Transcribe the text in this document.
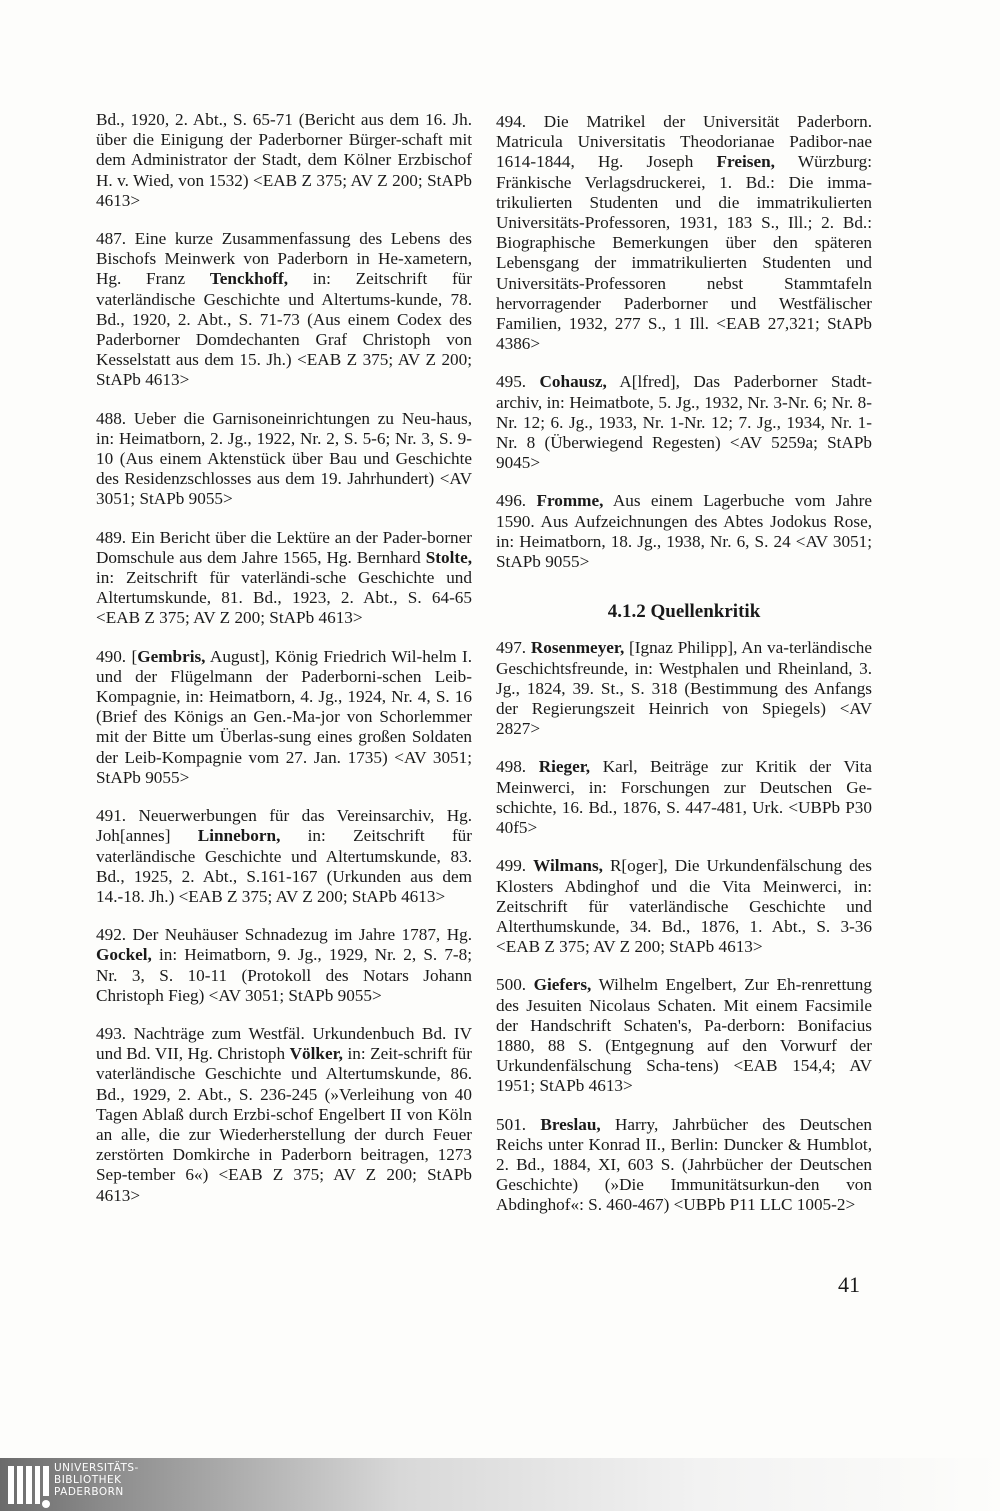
Bd., 1920, 2. Abt., S. 65-71 (Bericht aus dem 16. Jh. über die Einigung der Paderborner Bürger-schaft mit dem Administrator der Stadt, dem Kölner Erzbischof H. v. Wied, von 1532) <EAB Z 375; AV Z 200; StAPb 4613>

487. Eine kurze Zusammenfassung des Lebens des Bischofs Meinwerk von Paderborn in He-xametern, Hg. Franz Tenckhoff, in: Zeitschrift für vaterländische Geschichte und Altertums-kunde, 78. Bd., 1920, 2. Abt., S. 71-73 (Aus einem Codex des Paderborner Domdechanten Graf Christoph von Kesselstatt aus dem 15. Jh.) <EAB Z 375; AV Z 200; StAPb 4613>

488. Ueber die Garnisoneinrichtungen zu Neu-haus, in: Heimatborn, 2. Jg., 1922, Nr. 2, S. 5-6; Nr. 3, S. 9-10 (Aus einem Aktenstück über Bau und Geschichte des Residenzschlosses aus dem 19. Jahrhundert) <AV 3051; StAPb 9055>

489. Ein Bericht über die Lektüre an der Pader-borner Domschule aus dem Jahre 1565, Hg. Bernhard Stolte, in: Zeitschrift für vaterländi-sche Geschichte und Altertumskunde, 81. Bd., 1923, 2. Abt., S. 64-65 <EAB Z 375; AV Z 200; StAPb 4613>

490. [Gembris, August], König Friedrich Wil-helm I. und der Flügelmann der Paderborni-schen Leib-Kompagnie, in: Heimatborn, 4. Jg., 1924, Nr. 4, S. 16 (Brief des Königs an Gen.-Ma-jor von Schorlemmer mit der Bitte um Überlas-sung eines großen Soldaten der Leib-Kompagnie vom 27. Jan. 1735) <AV 3051; StAPb 9055>

491. Neuerwerbungen für das Vereinsarchiv, Hg. Joh[annes] Linneborn, in: Zeitschrift für vaterländische Geschichte und Altertumskunde, 83. Bd., 1925, 2. Abt., S.161-167 (Urkunden aus dem 14.-18. Jh.) <EAB Z 375; AV Z 200; StAPb 4613>

492. Der Neuhäuser Schnadezug im Jahre 1787, Hg. Gockel, in: Heimatborn, 9. Jg., 1929, Nr. 2, S. 7-8; Nr. 3, S. 10-11 (Protokoll des Notars Johann Christoph Fieg) <AV 3051; StAPb 9055>

493. Nachträge zum Westfäl. Urkundenbuch Bd. IV und Bd. VII, Hg. Christoph Völker, in: Zeit-schrift für vaterländische Geschichte und Altertumskunde, 86. Bd., 1929, 2. Abt., S. 236-245 (»Verleihung von 40 Tagen Ablaß durch Erzbi-schof Engelbert II von Köln an alle, die zur Wiederherstellung der durch Feuer zerstörten Domkirche in Paderborn beitragen, 1273 Sep-tember 6«) <EAB Z 375; AV Z 200; StAPb 4613>

494. Die Matrikel der Universität Paderborn. Matricula Universitatis Theodorianae Padibor-nae 1614-1844, Hg. Joseph Freisen, Würzburg: Fränkische Verlagsdruckerei, 1. Bd.: Die imma-trikulierten Studenten und die immatrikulierten Universitäts-Professoren, 1931, 183 S., Ill.; 2. Bd.: Biographische Bemerkungen über den späteren Lebensgang der immatrikulierten Studenten und Universitäts-Professoren nebst Stammtafeln hervorragender Paderborner und Westfälischer Familien, 1932, 277 S., 1 Ill. <EAB 27,321; StAPb 4386>

495. Cohausz, A[lfred], Das Paderborner Stadt-archiv, in: Heimatbote, 5. Jg., 1932, Nr. 3-Nr. 6; Nr. 8-Nr. 12; 6. Jg., 1933, Nr. 1-Nr. 12; 7. Jg., 1934, Nr. 1-Nr. 8 (Überwiegend Regesten) <AV 5259a; StAPb 9045>

496. Fromme, Aus einem Lagerbuche vom Jahre 1590. Aus Aufzeichnungen des Abtes Jodokus Rose, in: Heimatborn, 18. Jg., 1938, Nr. 6, S. 24 <AV 3051; StAPb 9055>

4.1.2 Quellenkritik

497. Rosenmeyer, [Ignaz Philipp], An va-terländische Geschichtsfreunde, in: Westphalen und Rheinland, 3. Jg., 1824, 39. St., S. 318 (Bestimmung des Anfangs der Regierungszeit Heinrich von Spiegels) <AV 2827>

498. Rieger, Karl, Beiträge zur Kritik der Vita Meinwerci, in: Forschungen zur Deutschen Ge-schichte, 16. Bd., 1876, S. 447-481, Urk. <UBPb P30 40f5>

499. Wilmans, R[oger], Die Urkundenfälschung des Klosters Abdinghof und die Vita Meinwerci, in: Zeitschrift für vaterländische Geschichte und Alterthumskunde, 34. Bd., 1876, 1. Abt., S. 3-36 <EAB Z 375; AV Z 200; StAPb 4613>

500. Giefers, Wilhelm Engelbert, Zur Eh-renrettung des Jesuiten Nicolaus Schaten. Mit einem Facsimile der Handschrift Schaten's, Pa-derborn: Bonifacius 1880, 88 S. (Entgegnung auf den Vorwurf der Urkundenfälschung Scha-tens) <EAB 154,4; AV 1951; StAPb 4613>

501. Breslau, Harry, Jahrbücher des Deutschen Reichs unter Konrad II., Berlin: Duncker & Humblot, 2. Bd., 1884, XI, 603 S. (Jahrbücher der Deutschen Geschichte) (»Die Immunitätsurkun-den von Abdinghof«: S. 460-467) <UBPb P11 LLC 1005-2>

41
UNIVERSITÄTS-
BIBLIOTHEK
PADERBORN
